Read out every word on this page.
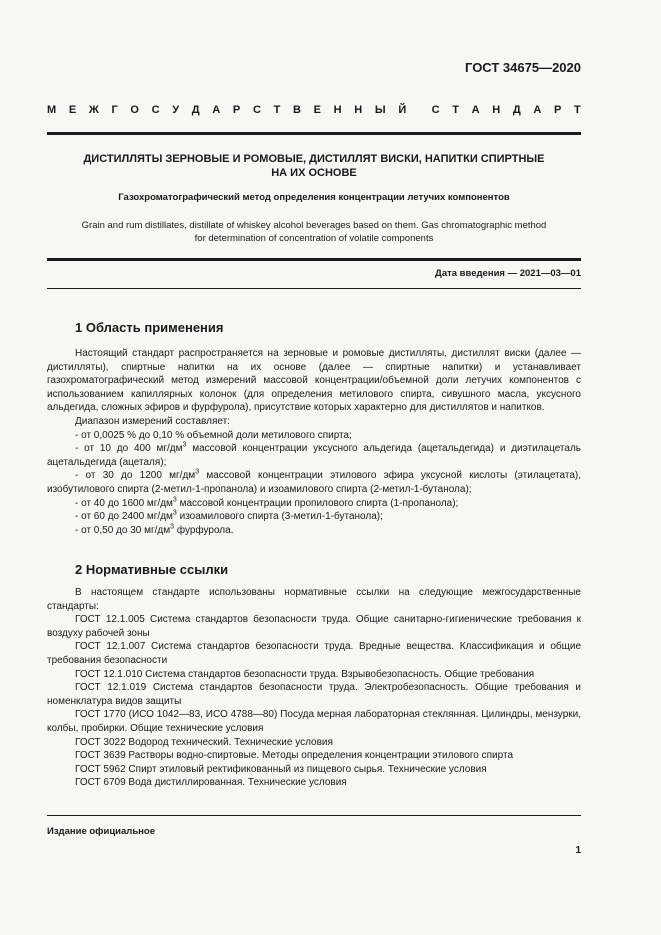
ГОСТ 34675—2020
М Е Ж Г О С У Д А Р С Т В Е Н Н Ы Й С Т А Н Д А Р Т
ДИСТИЛЛЯТЫ ЗЕРНОВЫЕ И РОМОВЫЕ, ДИСТИЛЛЯТ ВИСКИ, НАПИТКИ СПИРТНЫЕ
НА ИХ ОСНОВЕ
Газохроматографический метод определения концентрации летучих компонентов
Grain and rum distillates, distillate of whiskey alcohol beverages based on them. Gas chromatographic method
for determination of concentration of volatile components
Дата введения — 2021—03—01
1 Область применения

Настоящий стандарт распространяется на зерновые и ромовые дистилляты, дистиллят виски (далее — дистилляты), спиртные напитки на их основе (далее — спиртные напитки) и устанавливает газохроматографический метод измерений массовой концентрации/объемной доли летучих компонентов с использованием капиллярных колонок (для определения метилового спирта, сивушного масла, уксусного альдегида, сложных эфиров и фурфурола), присутствие которых характерно для дистиллятов и напитков.

Диапазон измерений составляет:

- от 0,0025 % до 0,10 % объемной доли метилового спирта;

- от 10 до 400 $мг/дм^3$ массовой концентрации уксусного альдегида (ацетальдегида) и диэтилацеталь ацетальдегида (ацеталя);

- от 30 до 1200 $мг/дм^3$ массовой концентрации этилового эфира уксусной кислоты (этилацетата), изобутилового спирта (2-метил-1-пропанола) и изоамилового спирта (2-метил-1-бутанола);

- от 40 до 1600 $мг/дм^3$ массовой концентрации пропилового спирта (1-пропанола);

- от 60 до 2400 $мг/дм^3$ изоамилового спирта (3-метил-1-бутанола);

- от 0,50 до 30 $мг/дм^3$ фурфурола.

2 Нормативные ссылки

В настоящем стандарте использованы нормативные ссылки на следующие межгосударственные стандарты:

ГОСТ 12.1.005 Система стандартов безопасности труда. Общие санитарно-гигиенические требования к воздуху рабочей зоны

ГОСТ 12.1.007 Система стандартов безопасности труда. Вредные вещества. Классификация и общие требования безопасности

ГОСТ 12.1.010 Система стандартов безопасности труда. Взрывобезопасность. Общие требования

ГОСТ 12.1.019 Система стандартов безопасности труда. Электробезопасность. Общие требования и номенклатура видов защиты

ГОСТ 1770 (ИСО 1042—83, ИСО 4788—80) Посуда мерная лабораторная стеклянная. Цилиндры, мензурки, колбы, пробирки. Общие технические условия

ГОСТ 3022 Водород технический. Технические условия

ГОСТ 3639 Растворы водно-спиртовые. Методы определения концентрации этилового спирта

ГОСТ 5962 Спирт этиловый ректификованный из пищевого сырья. Технические условия

ГОСТ 6709 Вода дистиллированная. Технические условия

Издание официальное
1
